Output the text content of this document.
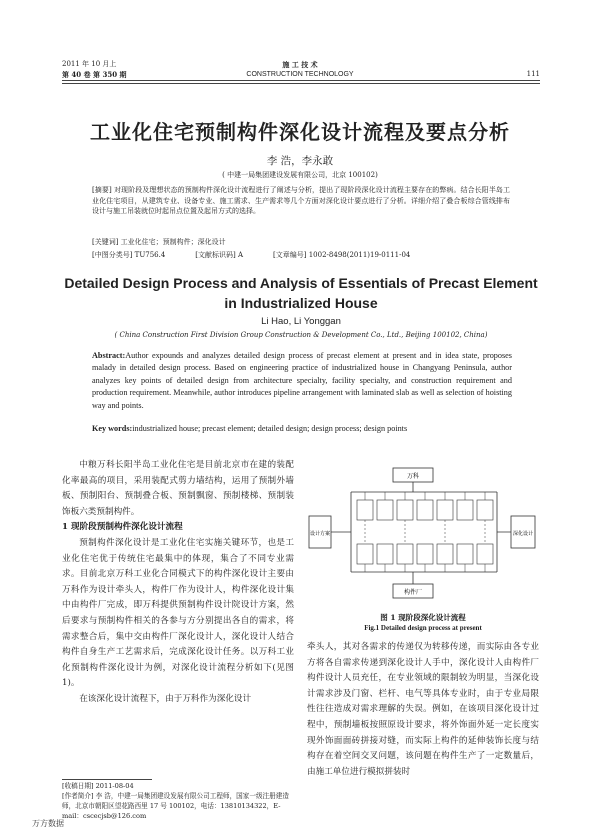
2011 年 10 月上
第 40 卷 第 350 期
施 工 技 术
CONSTRUCTION TECHNOLOGY	111
工业化住宅预制构件深化设计流程及要点分析
李 浩，李永敢
( 中建一局集团建设发展有限公司，北京 100102)
[摘要] 对现阶段及理想状态的预制构件深化设计流程进行了阐述与分析，提出了现阶段深化设计流程主要存在的弊病。结合长阳半岛工业化住宅项目，从建筑专业、设备专业、施工需求、生产需求等几个方面对深化设计要点进行了分析。详细介绍了叠合板综合管线排布设计与施工吊装就位时起吊点位置及起吊方式的选择。
[关键词] 工业化住宅；预制构件；深化设计
[中图分类号] TU756.4	[文献标识码] A	[文章编号] 1002-8498(2011)19-0111-04
Detailed Design Process and Analysis of Essentials of Precast Element in Industrialized House
Li Hao, Li Yonggan
( China Construction First Division Group Construction & Development Co., Ltd., Beijing 100102, China)
Abstract:Author expounds and analyzes detailed design process of precast element at present and in idea state, proposes malady in detailed design process. Based on engineering practice of industrialized house in Changyang Peninsula, author analyzes key points of detailed design from architecture specialty, facility specialty, and construction requirement and production requirement. Meanwhile, author introduces pipeline arrangement with laminated slab as well as selection of hoisting way and points.
Key words:industrialized house; precast element; detailed design; design process; design points

中粮万科长阳半岛工业化住宅是目前北京市在建的装配化率最高的项目，采用装配式剪力墙结构，运用了预制外墙板、预制阳台、预制叠合板、预制飘窗、预制楼梯、预制装饰板六类预制构件。

1 现阶段预制构件深化设计流程

预制构件深化设计是工业化住宅实施关键环节，也是工业化住宅优于传统住宅最集中的体现，集合了不同专业需求。目前北京万科工业化合同模式下的构件深化设计主要由万科作为设计牵头人，构件厂作为设计人，构件深化设计集中由构件厂完成，即万科提供预制构件设计院设计方案，然后要求与预制构件相关的各参与方分别提出各自的需求，将需求整合后，集中交由构件厂深化设计人，深化设计人结合构件自身生产工艺需求后，完成深化设计任务。以万科工业化预制构件深化设计为例，对深化设计流程分析如下(见图 1)。

在该深化设计流程下，由于万科作为深化设计

[收稿日期] 2011-08-04
[作者简介] 李 浩，中建一局集团建设发展有限公司工程师，国家一级注册建造师，北京市朝阳区望花路西里 17 号 100102，电话：13810134322，E-mail：cscecjsb@126.com
设计方案
万科
构件厂
深化设计
图 1 现阶段深化设计流程
Fig.1 Detailed design process at present

牵头人，其对各需求的传递仅为转移传递，而实际由各专业方将各自需求传递到深化设计人手中，深化设计人由构件厂构件设计人员充任，在专业领域的限制较为明显，当深化设计需求涉及门窗、栏杆、电气等具体专业时，由于专业局限性往往造成对需求理解的失误。例如，在该项目深化设计过程中，预制墙板按照原设计要求，将外饰面外延一定长度实现外饰面面砖拼接对缝，而实际上构件的延伸装饰长度与结构存在着空间交叉问题，该问题在构件生产了一定数量后，由施工单位进行模拟拼装时

万方数据
